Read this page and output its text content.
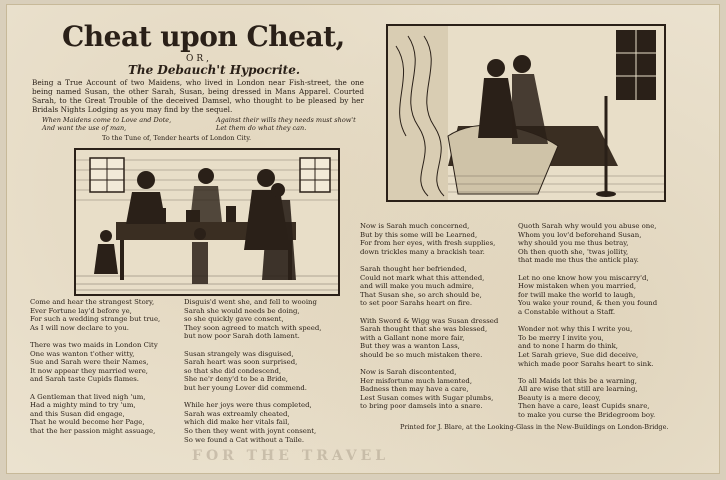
Cheat upon Cheat,
OR,
The Debauch't Hypocrite.
Being a True Account of two Maidens, who lived in London near Fish-street, the one being named Susan, the other Sarah, Susan, being dressed in Mans Apparel. Courted Sarah, to the Great Trouble of the deceived Damsel, who thought to be pleased by her Bridals Nights Lodging as you may find by the sequel.
When Maidens come to Love and Dote,
And want the use of man,
Against their wills they needs must show't
Let them do what they can.
To the Tune of, Tender hearts of London City.
Come and hear the strangest Story,
Ever Fortune lay'd before ye,
For such a wedding strange but true,
As I will now declare to you.

There was two maids in London City
One was wanton t'other witty,
Sue and Sarah were their Names,
It now appear they married were,
and Sarah taste Cupids flames.

A Gentleman that lived nigh 'um,
Had a mighty mind to try 'um,
and this Susan did engage,
That he would become her Page,
that the her passion might assuage,
Disguis'd went she, and fell to wooing
Sarah she would needs be doing,
so she quickly gave consent,
They soon agreed to match with speed,
but now poor Sarah doth lament.

Susan strangely was disguised,
Sarah heart was soon surprised,
so that she did condescend,
She ne'r deny'd to be a Bride,
but her young Lover did commend.

While her joys were thus completed,
Sarah was extreamly cheated,
which did make her vitals fail,
So then they went with joynt consent,
So we found a Cat without a Taile.
Now is Sarah much concerned,
But by this some will be Learned,
For from her eyes, with fresh supplies,
down trickles many a brackish tear.

Sarah thought her befriended,
Could not mark what this attended,
and will make you much admire,
That Susan she, so arch should be,
to set poor Sarahs heart on fire.

With Sword & Wigg was Susan dressed
Sarah thought that she was blessed,
with a Gallant none more fair,
But they was a wanton Lass,
should be so much mistaken there.

Now is Sarah discontented,
Her misfortune much lamented,
Badness then may have a care,
Lest Susan comes with Sugar plumbs,
to bring poor damsels into a snare.
Quoth Sarah why would you abuse one,
Whom you lov'd beforehand Susan,
why should you me thus betray,
Oh then quoth she, 'twas jollity,
that made me thus the antick play.

Let no one know how you miscarry'd,
How mistaken when you married,
for twill make the world to laugh,
You wake your round, & then you found
a Constable without a Staff.

Wonder not why this I write you,
To be merry I invite you,
and to none I harm do think,
Let Sarah grieve, Sue did deceive,
which made poor Sarahs heart to sink.

To all Maids let this be a warning,
All are wise that still are learning,
Beauty is a mere decoy,
Then have a care, least Cupids snare,
to make you curse the Bridegroom boy.
Printed for J. Blare, at the Looking-Glass in the New-Buildings on London-Bridge.
FOR THE TRAVEL
